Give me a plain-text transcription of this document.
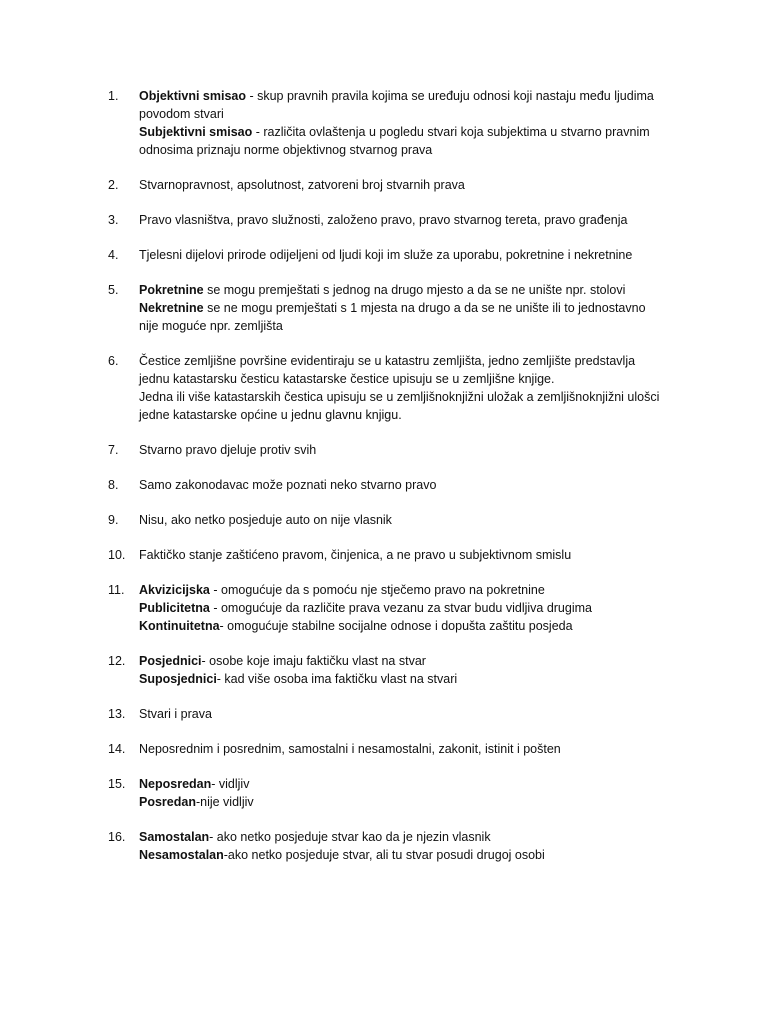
1.	Objektivni smisao - skup pravnih pravila kojima se uređuju odnosi koji nastaju među ljudima
povodom stvari
Subjektivni smisao - različita ovlaštenja u pogledu stvari koja subjektima u stvarno pravnim
odnosima priznaju norme objektivnog stvarnog prava
2.	Stvarnopravnost, apsolutnost, zatvoreni broj stvarnih prava
3.	Pravo vlasništva, pravo služnosti, založeno pravo, pravo stvarnog tereta, pravo građenja
4.	Tjelesni dijelovi prirode odijeljeni od ljudi koji im služe za uporabu, pokretnine i nekretnine
5.	Pokretnine se mogu premještati s jednog na drugo mjesto a da se ne unište npr. stolovi
Nekretnine se ne mogu premještati s 1 mjesta na drugo a da se ne unište ili to jednostavno
nije moguće npr. zemljišta
6.	Čestice zemljišne površine evidentiraju se u katastru zemljišta, jedno zemljište predstavlja
jednu katastarsku česticu katastarske čestice upisuju se u zemljišne knjige.
Jedna ili više katastarskih čestica upisuju se u zemljišnoknjižni uložak a zemljišnoknjižni ulošci
jedne katastarske općine u jednu glavnu knjigu.
7.	Stvarno pravo djeluje protiv svih
8.	Samo zakonodavac može poznati neko stvarno pravo
9.	Nisu, ako netko posjeduje auto on nije vlasnik
10.	Faktičko stanje zaštićeno pravom, činjenica, a ne pravo u subjektivnom smislu
11.	Akvizicijska - omogućuje da s pomoću nje stječemo pravo na pokretnine
Publicitetna - omogućuje da različite prava vezanu za stvar budu vidljiva drugima
Kontinuitetna- omogućuje stabilne socijalne odnose i dopušta zaštitu posjeda
12.	Posjednici- osobe koje imaju faktičku vlast na stvar
Suposjednici- kad više osoba ima faktičku vlast na stvari
13.	Stvari i prava
14.	Neposrednim i posrednim, samostalni i nesamostalni, zakonit, istinit i pošten
15.	Neposredan- vidljiv
Posredan-nije vidljiv
16.	Samostalan- ako netko posjeduje stvar kao da je njezin vlasnik
Nesamostalan-ako netko posjeduje stvar, ali tu stvar posudi drugoj osobi
